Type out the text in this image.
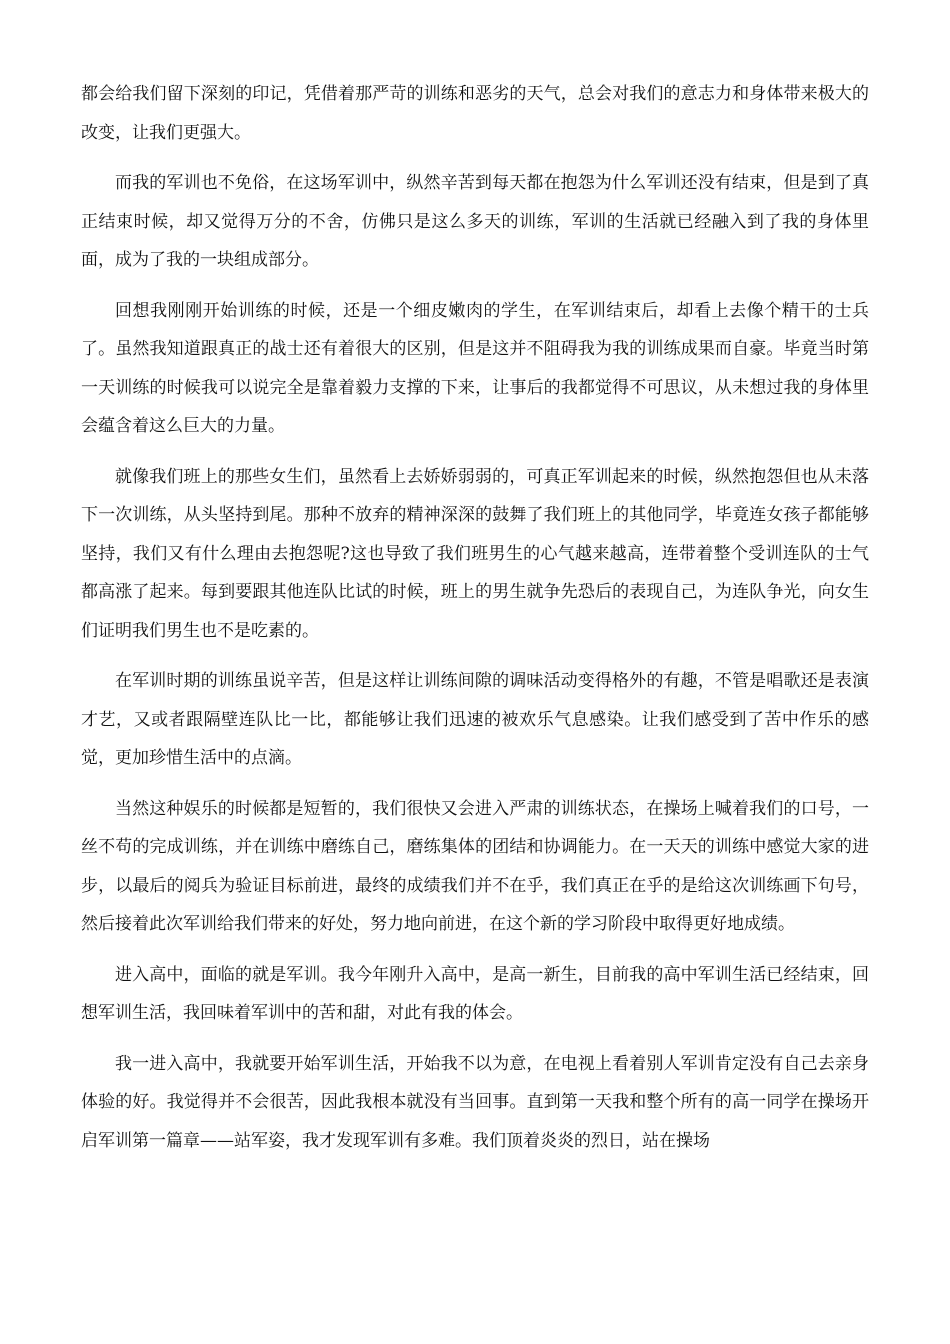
都会给我们留下深刻的印记，凭借着那严苛的训练和恶劣的天气，总会对我们的意志力和身体带来极大的改变，让我们更强大。

而我的军训也不免俗，在这场军训中，纵然辛苦到每天都在抱怨为什么军训还没有结束，但是到了真正结束时候，却又觉得万分的不舍，仿佛只是这么多天的训练，军训的生活就已经融入到了我的身体里面，成为了我的一块组成部分。

回想我刚刚开始训练的时候，还是一个细皮嫩肉的学生，在军训结束后，却看上去像个精干的士兵了。虽然我知道跟真正的战士还有着很大的区别，但是这并不阻碍我为我的训练成果而自豪。毕竟当时第一天训练的时候我可以说完全是靠着毅力支撑的下来，让事后的我都觉得不可思议，从未想过我的身体里会蕴含着这么巨大的力量。

就像我们班上的那些女生们，虽然看上去娇娇弱弱的，可真正军训起来的时候，纵然抱怨但也从未落下一次训练，从头坚持到尾。那种不放弃的精神深深的鼓舞了我们班上的其他同学，毕竟连女孩子都能够坚持，我们又有什么理由去抱怨呢?这也导致了我们班男生的心气越来越高，连带着整个受训连队的士气都高涨了起来。每到要跟其他连队比试的时候，班上的男生就争先恐后的表现自己，为连队争光，向女生们证明我们男生也不是吃素的。

在军训时期的训练虽说辛苦，但是这样让训练间隙的调味活动变得格外的有趣，不管是唱歌还是表演才艺，又或者跟隔壁连队比一比，都能够让我们迅速的被欢乐气息感染。让我们感受到了苦中作乐的感觉，更加珍惜生活中的点滴。

当然这种娱乐的时候都是短暂的，我们很快又会进入严肃的训练状态，在操场上喊着我们的口号，一丝不苟的完成训练，并在训练中磨练自己，磨练集体的团结和协调能力。在一天天的训练中感觉大家的进步，以最后的阅兵为验证目标前进，最终的成绩我们并不在乎，我们真正在乎的是给这次训练画下句号，然后接着此次军训给我们带来的好处，努力地向前进，在这个新的学习阶段中取得更好地成绩。

进入高中，面临的就是军训。我今年刚升入高中，是高一新生，目前我的高中军训生活已经结束，回想军训生活，我回味着军训中的苦和甜，对此有我的体会。

我一进入高中，我就要开始军训生活，开始我不以为意，在电视上看着别人军训肯定没有自己去亲身体验的好。我觉得并不会很苦，因此我根本就没有当回事。直到第一天我和整个所有的高一同学在操场开启军训第一篇章——站军姿，我才发现军训有多难。我们顶着炎炎的烈日，站在操场
